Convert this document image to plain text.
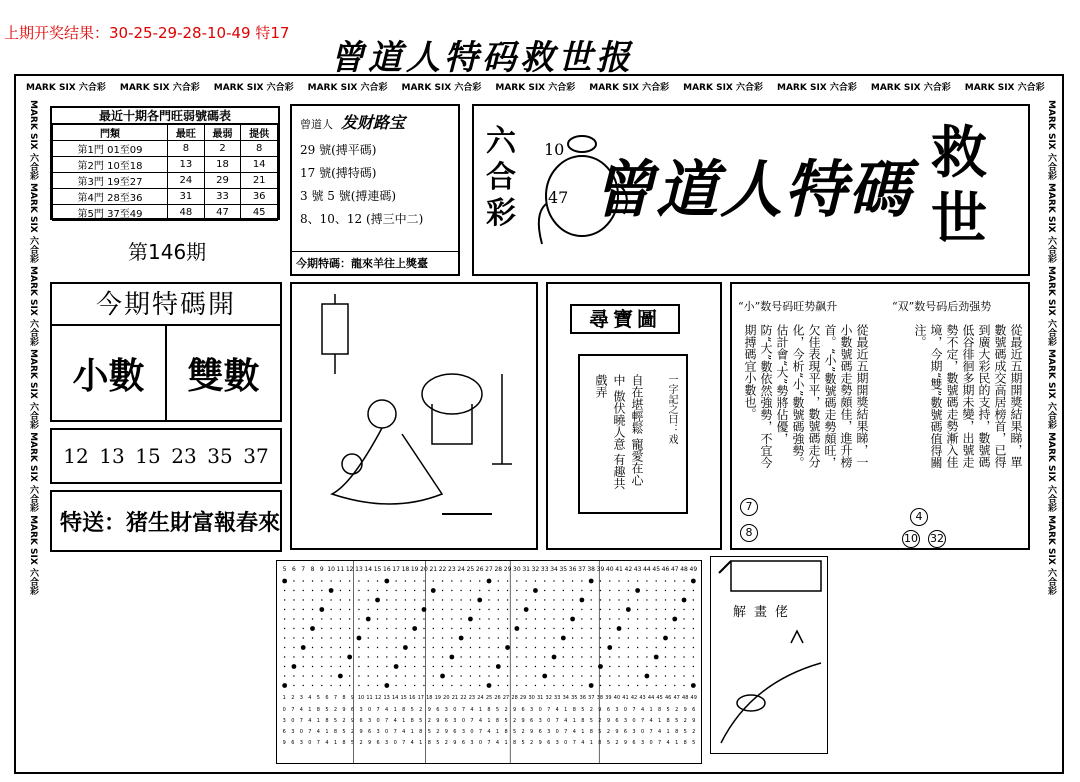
上期开奖结果：30-25-29-28-10-49 特17
曾道人特码救世报
MARK SIX 六合彩 MARK SIX 六合彩 MARK SIX 六合彩 MARK SIX 六合彩 MARK SIX 六合彩 MARK SIX 六合彩 MARK SIX 六合彩 MARK SIX 六合彩 MARK SIX 六合彩 MARK SIX 六合彩 MARK SIX 六合彩
MARK SIX 六合彩 MARK SIX 六合彩 MARK SIX 六合彩 MARK SIX 六合彩 MARK SIX 六合彩 MARK SIX 六合彩
MARK SIX 六合彩 MARK SIX 六合彩 MARK SIX 六合彩 MARK SIX 六合彩 MARK SIX 六合彩 MARK SIX 六合彩
最近十期各門旺弱號碼表
門類	最旺	最弱	提供
第1門 01至09	8	2	8
第2門 10至18	13	18	14
第3門 19至27	24	29	21
第4門 28至36	31	33	36
第5門 37至49	48	47	45
第146期
今期特碼開
小數	雙數
12 13 15 23 35 37
特送：猪生財富報春來
曾道人 发财路宝
29 號(搏平碼)
17 號(搏特碼)
3 號 5 號(搏連碼)
8、10、12 (搏三中二)
今期特碼：龍來羊往上獎臺
六合彩
10
47 曾道人特碼 救世
尋寶圖
自在堪輕鬆 寵愛在心中 傲伏曉人意 有趣共戲弄	一字記之曰：戏
“小”数号码旺势飙升	“双”数号码后劲强势
從最近五期開獎結果睇，一小數號碼走勢頗佳，進升榜首。“小”數號碼走勢頗旺，欠佳表現平平，數號碼走分化，今析“小”數號碼強勢。估計會“大”勢將佔優，防“大”數依然強勢，不宜今期搏碼宜小數也。	從最近五期開獎結果睇，單數號碼成交高居榜首，已得到廣大彩民的支持，數號碼低谷徘徊多期未變，出號走勢不定，數號碼走勢漸入佳境，今期“雙”數號碼值得關注。
7
8
4
10 32
5 6 7 8 9 10 11 12 13 14 15 16 17 18 19 20 21 22 23 24 25 26 27 28 29 30 31 32 33 34 35 36 37 38 39 40 41 42 43 44 45 46 47 48 49
1 2 3 4 5 6 7 8 9 10 11 12 13 14 15 16 17 18 19 20 21 22 23 24 25 26 27 28 29 30 31 32 33 34 35 36 37 38 39 40 41 42 43 44 45 46 47 48 49
0 7 4 1 8 5 2 9 6 3 0 7 4 1 8 5 2 9 6 3 0 7 4 1 8 5 2 9 6 3 0 7 4 1 8 5 2 9 6 3 0 7 4 1 8 5 2 9 6
3 0 7 4 1 8 5 2 9 6 3 0 7 4 1 8 5 2 9 6 3 0 7 4 1 8 5 2 9 6 3 0 7 4 1 8 5 2 9 6 3 0 7 4 1 8 5 2 9
6 3 0 7 4 1 8 5 2 9 6 3 0 7 4 1 8 5 2 9 6 3 0 7 4 1 8 5 2 9 6 3 0 7 4 1 8 5 2 9 6 3 0 7 4 1 8 5 2
9 6 3 0 7 4 1 8 5 2 9 6 3 0 7 4 1 8 5 2 9 6 3 0 7 4 1 8 5 2 9 6 3 0 7 4 1 8 5 2 9 6 3 0 7 4 1 8 5
解畫佬
